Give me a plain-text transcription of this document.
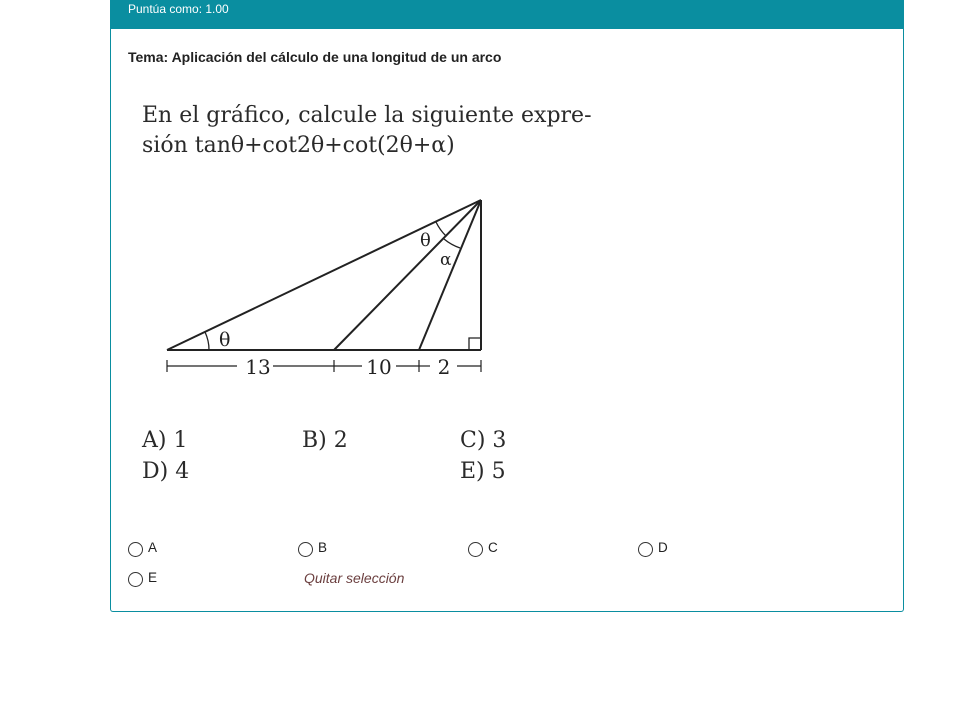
Puntúa como: 1.00
Tema: Aplicación del cálculo de una longitud de un arco
En el gráfico, calcule la siguiente expre-
sión tanθ+cot2θ+cot(2θ+α)
θ
θ
α
13	10 2
A) 1	B) 2	C) 3
D) 4	E) 5
A	B	C	D
E	Quitar selección
